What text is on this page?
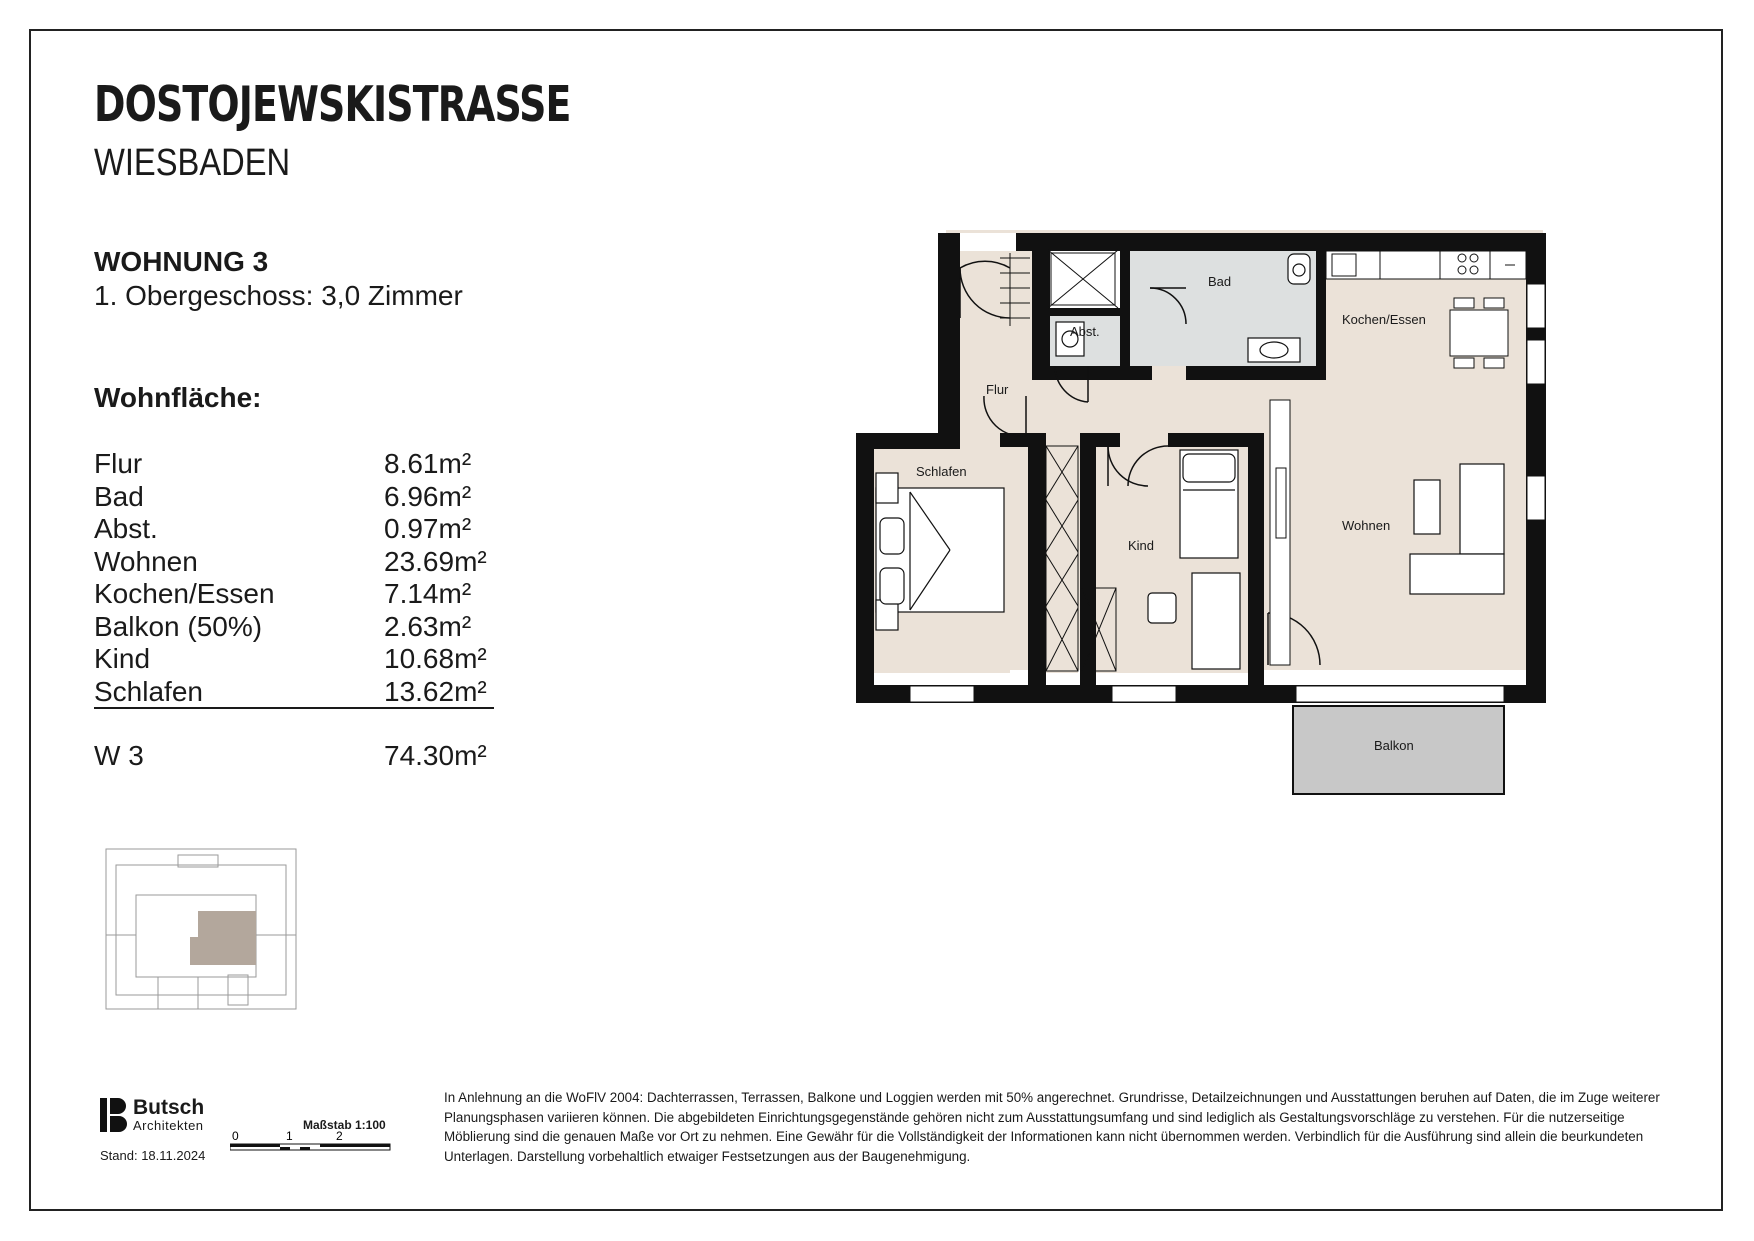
DOSTOJEWSKISTRASSE
WIESBADEN
WOHNUNG 3
1. Obergeschoss: 3,0 Zimmer
Wohnfläche:
Flur	8.61m²
Bad	6.96m²
Abst.	0.97m²
Wohnen	23.69m²
Kochen/Essen	7.14m²
Balkon (50%)	2.63m²
Kind	10.68m²
Schlafen	13.62m²
W 3	74.30m²
Bad
Abst.
Kochen/Essen
Flur
Schlafen
Kind
Wohnen
Balkon
Butsch
Architekten
Stand: 18.11.2024
Maßstab 1:100
0	1	2
In Anlehnung an die WoFlV 2004: Dachterrassen, Terrassen, Balkone und Loggien werden mit 50% angerechnet. Grundrisse, Detailzeichnungen und Ausstattungen beruhen auf Daten, die im Zuge weiterer Planungsphasen variieren können. Die abgebildeten Einrichtungsgegenstände gehören nicht zum Ausstattungsumfang und sind lediglich als Gestaltungsvorschläge zu verstehen. Für die nutzerseitige Möblierung sind die genauen Maße vor Ort zu nehmen. Eine Gewähr für die Vollständigkeit der Informationen kann nicht übernommen werden. Verbindlich für die Ausführung sind allein die beurkundeten Unterlagen. Darstellung vorbehaltlich etwaiger Festsetzungen aus der Baugenehmigung.
